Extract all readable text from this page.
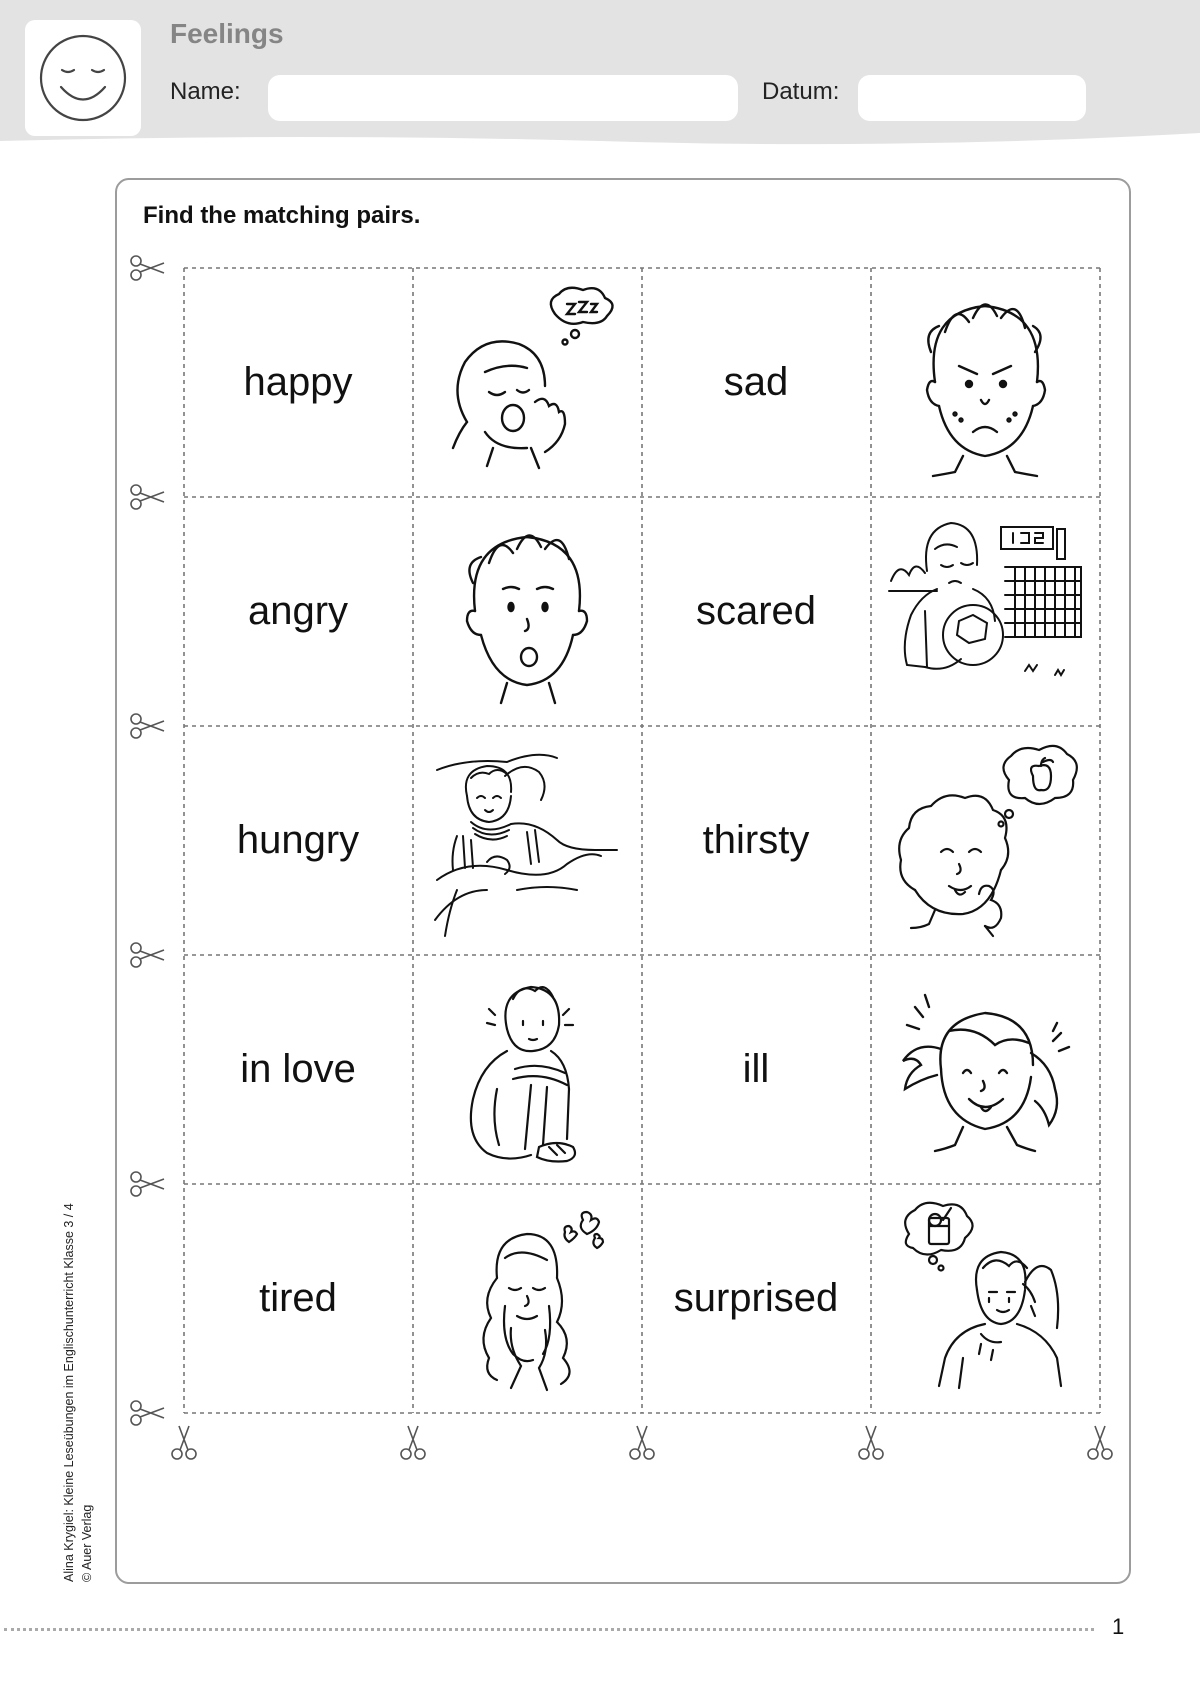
Feelings
Name:	Datum:
Find the matching pairs.
happy	sad
angry	scared
hungry	thirsty
in love	ill
tired	surprised
Alina Krygiel: Kleine Leseübungen im Englischunterricht Klasse 3 / 4 © Auer Verlag
1
